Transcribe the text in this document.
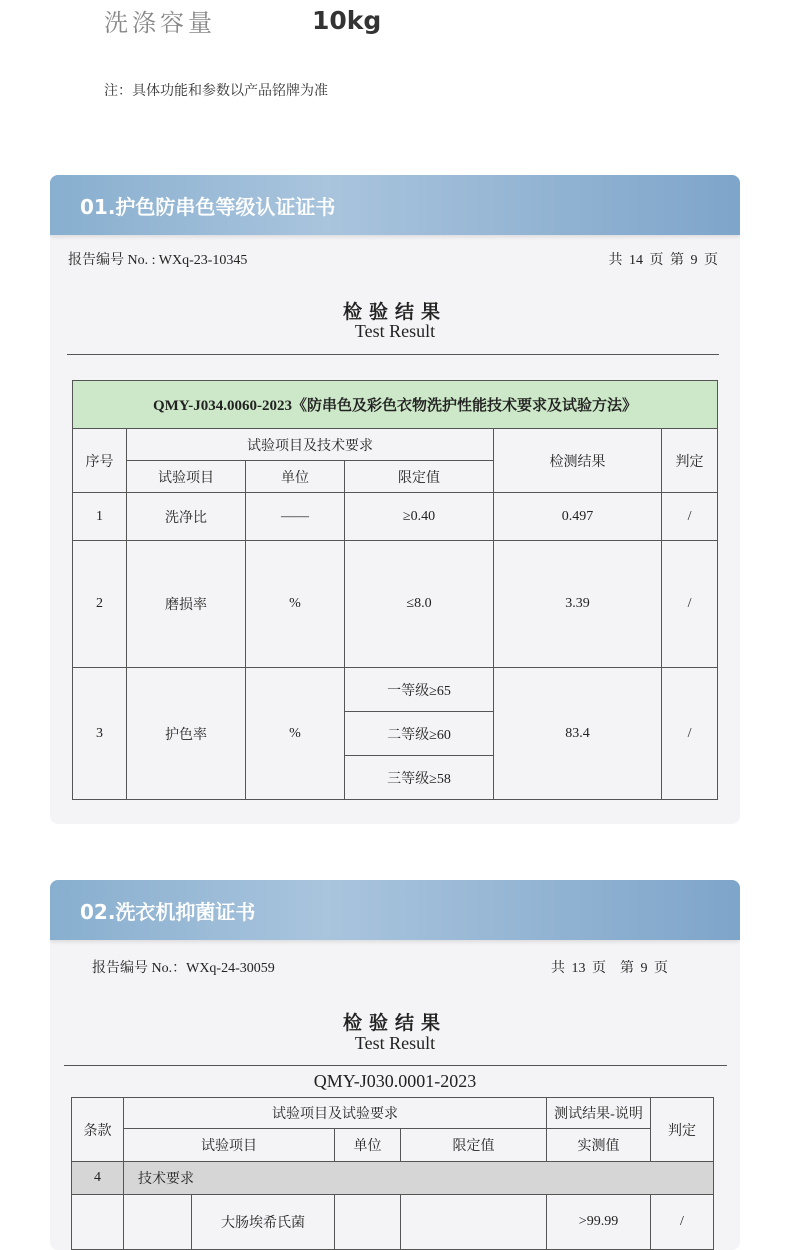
洗涤容量	10kg
注：具体功能和参数以产品铭牌为准
01.护色防串色等级认证证书
报告编号 No. : WXq-23-10345	共 14 页 第 9 页
检验结果
Test Result
QMY-J034.0060-2023《防串色及彩色衣物洗护性能技术要求及试验方法》					
序号	试验项目及技术要求			检测结果	判定
	试验项目	单位	限定值		
1	洗净比	——	≥0.40	0.497	/
2	磨损率	%	≤8.0	3.39	/
3	护色率	%	一等级≥65	83.4	/
			二等级≥60		
			三等级≥58		
02.洗衣机抑菌证书
报告编号 No.：WXq-24-30059	共 13 页　第 9 页
检验结果
Test Result
QMY-J030.0001-2023
条款	试验项目及试验要求				测试结果-说明	判定
	试验项目		单位	限定值	实测值	
4	技术要求					
		大肠埃希氏菌			>99.99	/
